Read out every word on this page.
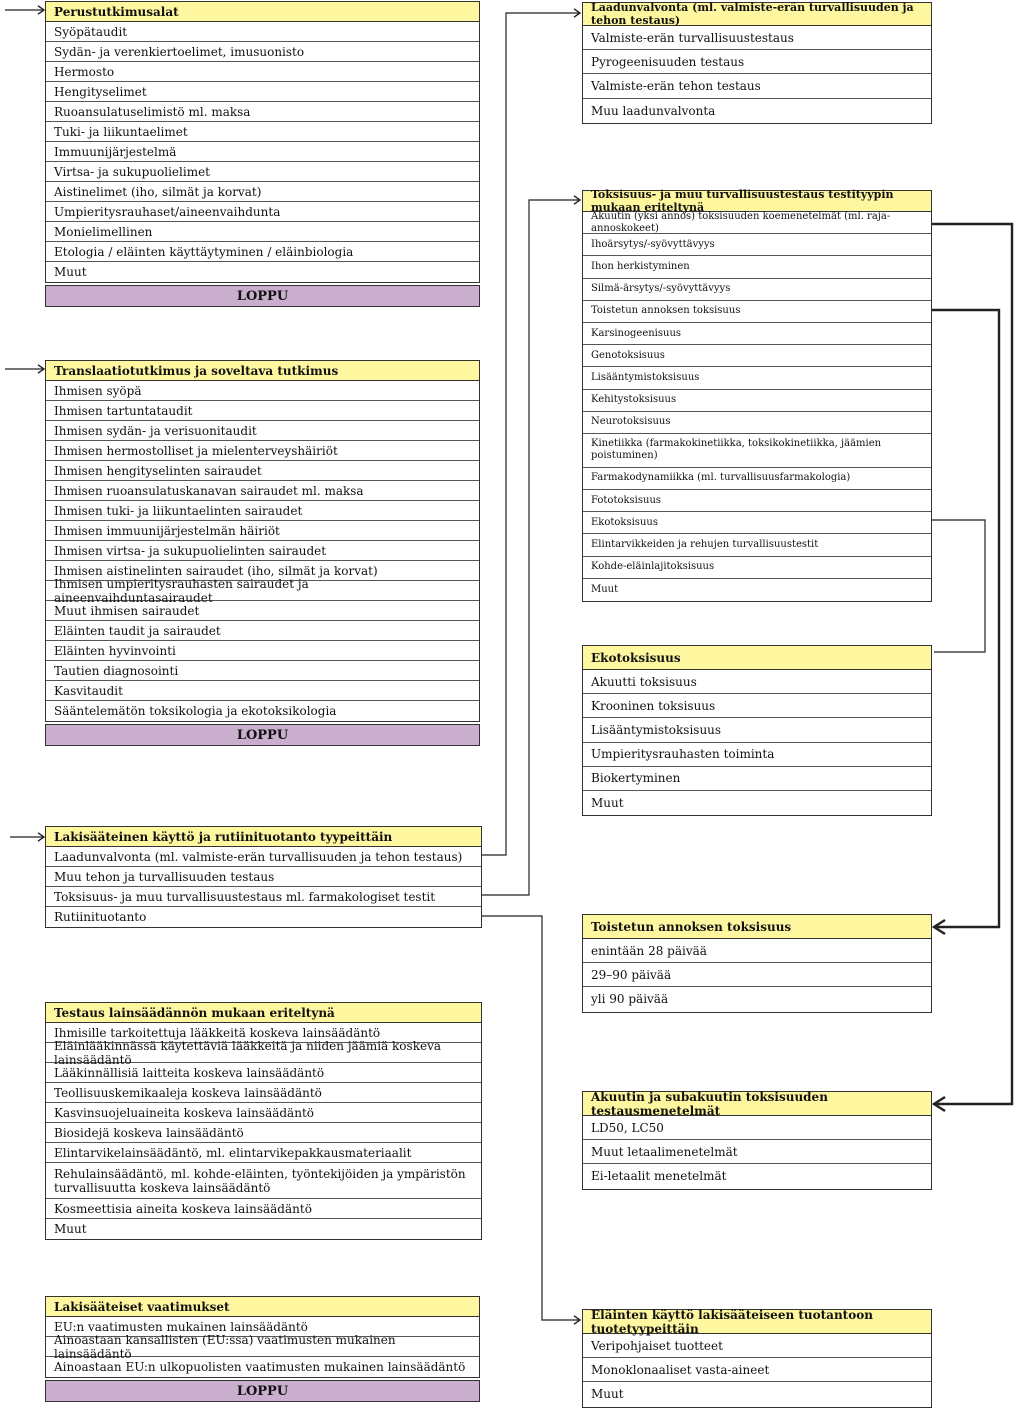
Perustutkimusalat
Syöpätaudit
Sydän- ja verenkiertoelimet, imusuonisto
Hermosto
Hengityselimet
Ruoansulatuselimistö ml. maksa
Tuki- ja liikuntaelimet
Immuunijärjestelmä
Virtsa- ja sukupuolielimet
Aistinelimet (iho, silmät ja korvat)
Umpieritysrauhaset/aineenvaihdunta
Monielimellinen
Etologia / eläinten käyttäytyminen / eläinbiologia
Muut
LOPPU
Translaatiotutkimus ja soveltava tutkimus
Ihmisen syöpä
Ihmisen tartuntataudit
Ihmisen sydän- ja verisuonitaudit
Ihmisen hermostolliset ja mielenterveyshäiriöt
Ihmisen hengityselinten sairaudet
Ihmisen ruoansulatuskanavan sairaudet ml. maksa
Ihmisen tuki- ja liikuntaelinten sairaudet
Ihmisen immuunijärjestelmän häiriöt
Ihmisen virtsa- ja sukupuolielinten sairaudet
Ihmisen aistinelinten sairaudet (iho, silmät ja korvat)
Ihmisen umpieritysrauhasten sairaudet ja aineenvaihduntasairaudet
Muut ihmisen sairaudet
Eläinten taudit ja sairaudet
Eläinten hyvinvointi
Tautien diagnosointi
Kasvitaudit
Sääntelemätön toksikologia ja ekotoksikologia
LOPPU
Lakisääteinen käyttö ja rutiinituotanto tyypeittäin
Laadunvalvonta (ml. valmiste-erän turvallisuuden ja tehon testaus)
Muu tehon ja turvallisuuden testaus
Toksisuus- ja muu turvallisuustestaus ml. farmakologiset testit
Rutiinituotanto
Testaus lainsäädännön mukaan eriteltynä
Ihmisille tarkoitettuja lääkkeitä koskeva lainsäädäntö
Eläinlääkinnässä käytettäviä lääkkeitä ja niiden jäämiä koskeva lainsäädäntö
Lääkinnällisiä laitteita koskeva lainsäädäntö
Teollisuuskemikaaleja koskeva lainsäädäntö
Kasvinsuojeluaineita koskeva lainsäädäntö
Biosidejä koskeva lainsäädäntö
Elintarvikelainsäädäntö, ml. elintarvikepakkausmateriaalit
Rehulainsäädäntö, ml. kohde-eläinten, työntekijöiden ja ympäristön turvallisuutta koskeva lainsäädäntö
Kosmeettisia aineita koskeva lainsäädäntö
Muut
Lakisääteiset vaatimukset
EU:n vaatimusten mukainen lainsäädäntö
Ainoastaan kansallisten (EU:ssa) vaatimusten mukainen lainsäädäntö
Ainoastaan EU:n ulkopuolisten vaatimusten mukainen lainsäädäntö
LOPPU
Laadunvalvonta (ml. valmiste-erän turvallisuuden ja tehon testaus)
Valmiste-erän turvallisuustestaus
Pyrogeenisuuden testaus
Valmiste-erän tehon testaus
Muu laadunvalvonta
Toksisuus- ja muu turvallisuustestaus testityypin mukaan eriteltynä
Akuutin (yksi annos) toksisuuden koemenetelmät (ml. raja-annoskokeet)
Ihoärsytys/-syövyttävyys
Ihon herkistyminen
Silmä-ärsytys/-syövyttävyys
Toistetun annoksen toksisuus
Karsinogeenisuus
Genotoksisuus
Lisääntymistoksisuus
Kehitystoksisuus
Neurotoksisuus
Kinetiikka (farmakokinetiikka, toksikokinetiikka, jäämien poistuminen)
Farmakodynamiikka (ml. turvallisuusfarmakologia)
Fototoksisuus
Ekotoksisuus
Elintarvikkeiden ja rehujen turvallisuustestit
Kohde-eläinlajitoksisuus
Muut
Ekotoksisuus
Akuutti toksisuus
Krooninen toksisuus
Lisääntymistoksisuus
Umpieritysrauhasten toiminta
Biokertyminen
Muut
Toistetun annoksen toksisuus
enintään 28 päivää
29–90 päivää
yli 90 päivää
Akuutin ja subakuutin toksisuuden testausmenetelmät
LD50, LC50
Muut letaalimenetelmät
Ei-letaalit menetelmät
Eläinten käyttö lakisääteiseen tuotantoon tuotetyypeittäin
Veripohjaiset tuotteet
Monoklonaaliset vasta-aineet
Muut
